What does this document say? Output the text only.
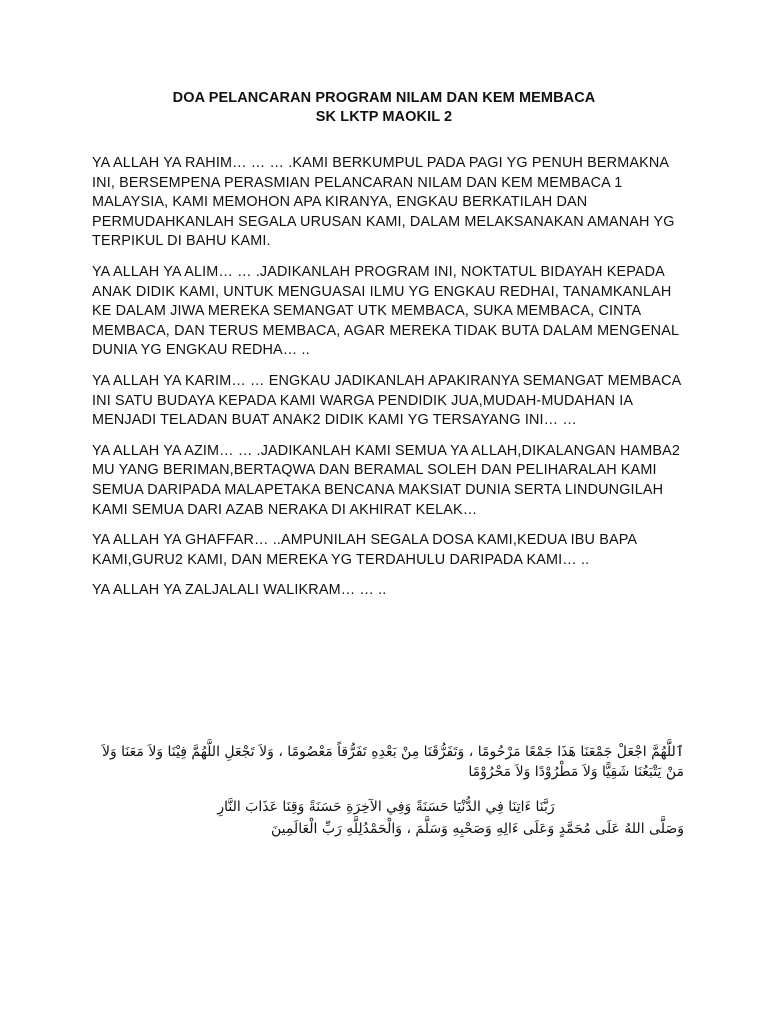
DOA PELANCARAN PROGRAM NILAM DAN KEM MEMBACA
SK LKTP MAOKIL 2

YA ALLAH YA RAHIM… … … .KAMI BERKUMPUL PADA PAGI YG PENUH BERMAKNA INI, BERSEMPENA PERASMIAN PELANCARAN NILAM DAN KEM MEMBACA 1 MALAYSIA, KAMI MEMOHON APA KIRANYA, ENGKAU BERKATILAH DAN PERMUDAHKANLAH SEGALA URUSAN KAMI, DALAM MELAKSANAKAN AMANAH YG TERPIKUL DI BAHU KAMI.

YA ALLAH YA ALIM… … .JADIKANLAH PROGRAM INI, NOKTATUL BIDAYAH KEPADA ANAK DIDIK KAMI, UNTUK MENGUASAI ILMU YG ENGKAU REDHAI, TANAMKANLAH KE DALAM JIWA MEREKA SEMANGAT UTK MEMBACA, SUKA MEMBACA, CINTA MEMBACA, DAN TERUS MEMBACA, AGAR MEREKA TIDAK BUTA DALAM MENGENAL DUNIA YG ENGKAU REDHA… ..

YA ALLAH YA KARIM… … ENGKAU JADIKANLAH APAKIRANYA SEMANGAT MEMBACA INI SATU BUDAYA KEPADA KAMI WARGA PENDIDIK JUA,MUDAH-MUDAHAN IA MENJADI TELADAN BUAT ANAK2 DIDIK KAMI YG TERSAYANG INI… …

YA ALLAH YA AZIM… … .JADIKANLAH KAMI SEMUA YA ALLAH,DIKALANGAN HAMBA2 MU YANG BERIMAN,BERTAQWA DAN BERAMAL SOLEH DAN PELIHARALAH KAMI SEMUA DARIPADA MALAPETAKA BENCANA MAKSIAT DUNIA SERTA LINDUNGILAH KAMI SEMUA DARI AZAB NERAKA DI AKHIRAT KELAK…

YA ALLAH YA GHAFFAR… ..AMPUNILAH SEGALA DOSA KAMI,KEDUA IBU BAPA KAMI,GURU2 KAMI, DAN MEREKA YG TERDAHULU DARIPADA KAMI… ..

YA ALLAH YA ZALJALALI WALIKRAM… … ..

ٱللَّهُمَّ اجْعَلْ جَمْعَنَا هَذَا جَمْعًا مَرْحُومًا ، وَتَفَرُّقَنَا مِنْ بَعْدِهِ تَفَرُّقاً مَعْصُومًا ، وَلاَ تَجْعَلِ اللَّهُمَّ فِيْنَا وَلاَ مَعَنَا وَلاَ مَنْ يَتْبَعُنَا شَقِيًّا وَلاَ مَطْرُوْدًا وَلاَ مَحْرُوْمًا
رَبَّنَا ءَاتِنَا فِي الدُّنْيَا حَسَنَةً وَفِي الآخِرَةِ حَسَنَةً وَقِنَا عَذَابَ النَّارِ
وَصَلَّى اللهُ عَلَى مُحَمَّدٍ وَعَلَى ءَالِهِ وَصَحْبِهِ وَسَلَّمَ ، وَالْحَمْدُلِلَّهِ رَبِّ الْعَالَمِينَ
